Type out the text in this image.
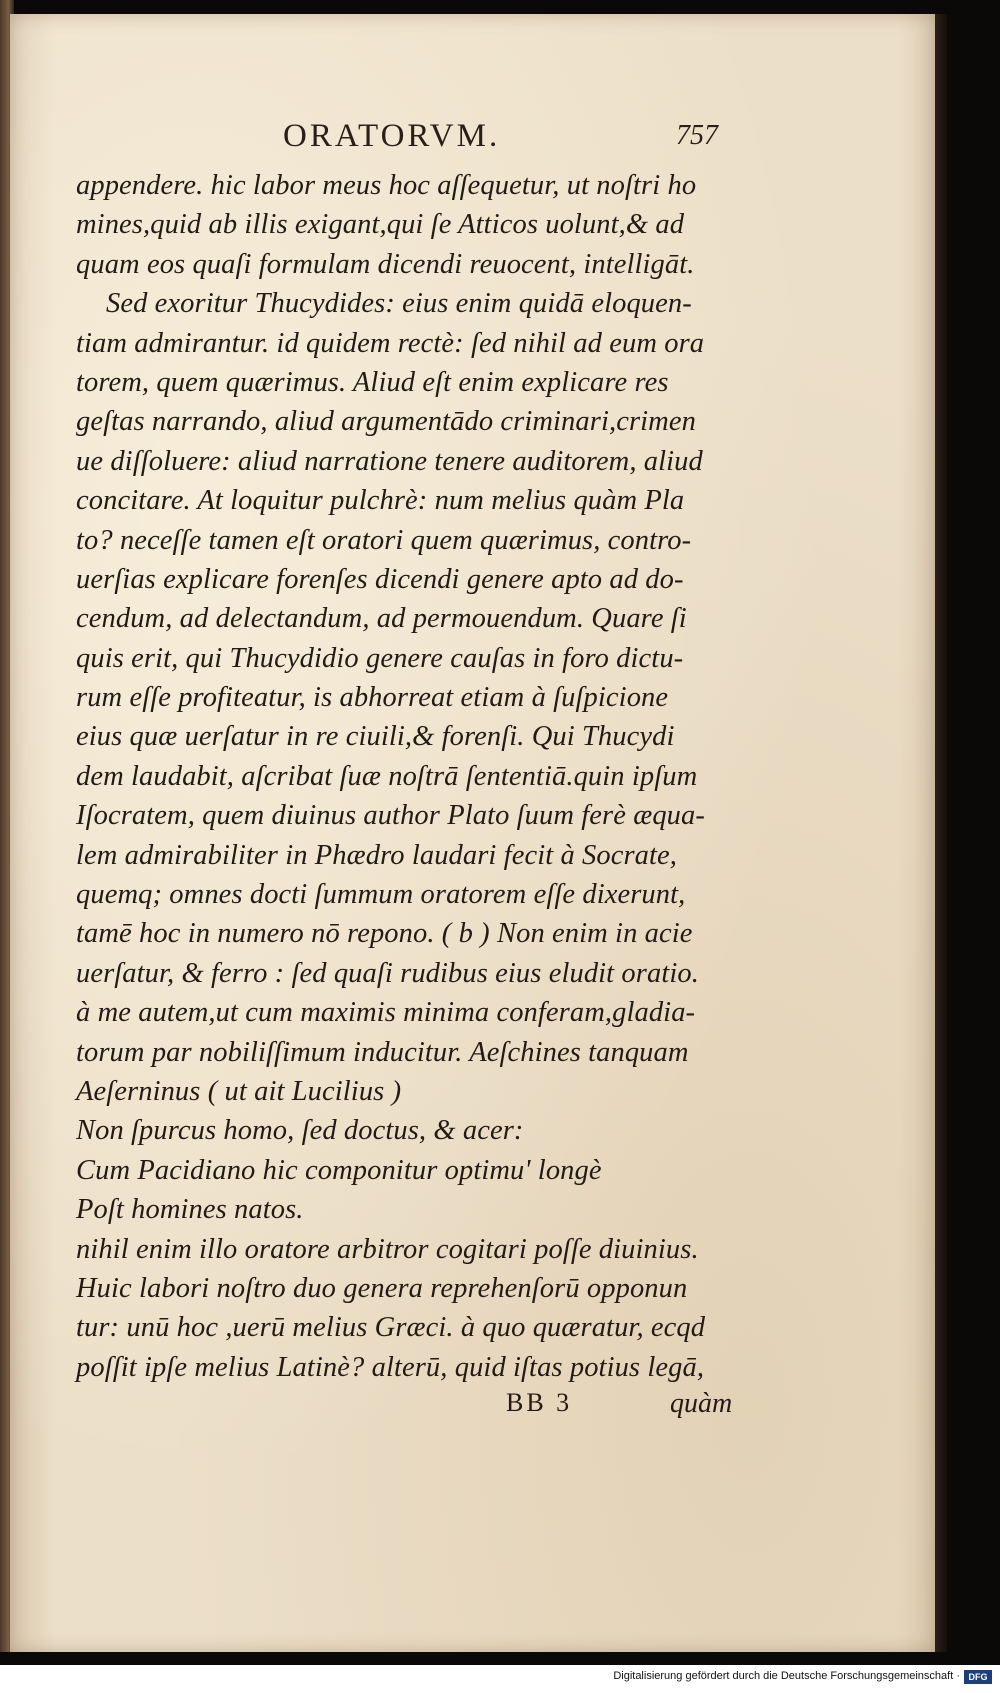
ORATORVM.	757
appendere. hic labor meus hoc aſſequetur, ut noſtri ho
mines,quid ab illis exigant,qui ſe Atticos uolunt,& ad
quam eos quaſi formulam dicendi reuocent, intelligāt.
Sed exoritur Thucydides: eius enim quidā eloquen-
tiam admirantur. id quidem rectè: ſed nihil ad eum ora
torem, quem quærimus. Aliud eſt enim explicare res
geſtas narrando, aliud argumentādo criminari,crimen
ue diſſoluere: aliud narratione tenere auditorem, aliud
concitare. At loquitur pulchrè: num melius quàm Pla
to? neceſſe tamen eſt oratori quem quærimus, contro-
uerſias explicare forenſes dicendi genere apto ad do-
cendum, ad delectandum, ad permouendum. Quare ſi
quis erit, qui Thucydidio genere cauſas in foro dictu-
rum eſſe profiteatur, is abhorreat etiam à ſuſpicione
eius quæ uerſatur in re ciuili,& forenſi. Qui Thucydi
dem laudabit, aſcribat ſuæ noſtrā ſententiā.quin ipſum
Iſocratem, quem diuinus author Plato ſuum ferè æqua-
lem admirabiliter in Phædro laudari fecit à Socrate,
quemq; omnes docti ſummum oratorem eſſe dixerunt,
tamē hoc in numero nō repono. ( b ) Non enim in acie
uerſatur, & ferro : ſed quaſi rudibus eius eludit oratio.
à me autem,ut cum maximis minima conferam,gladia-
torum par nobiliſſimum inducitur. Aeſchines tanquam
Aeſerninus ( ut ait Lucilius )
Non ſpurcus homo, ſed doctus, & acer:
Cum Pacidiano hic componitur optimu' longè
Poſt homines natos.
nihil enim illo oratore arbitror cogitari poſſe diuinius.
Huic labori noſtro duo genera reprehenſorū opponun
tur: unū hoc ,uerū melius Græci. à quo quæratur, ecqd
poſſit ipſe melius Latinè? alterū, quid iſtas potius legā,
BB 3	quàm
Digitalisierung gefördert durch die Deutsche Forschungsgemeinschaft · DFG
